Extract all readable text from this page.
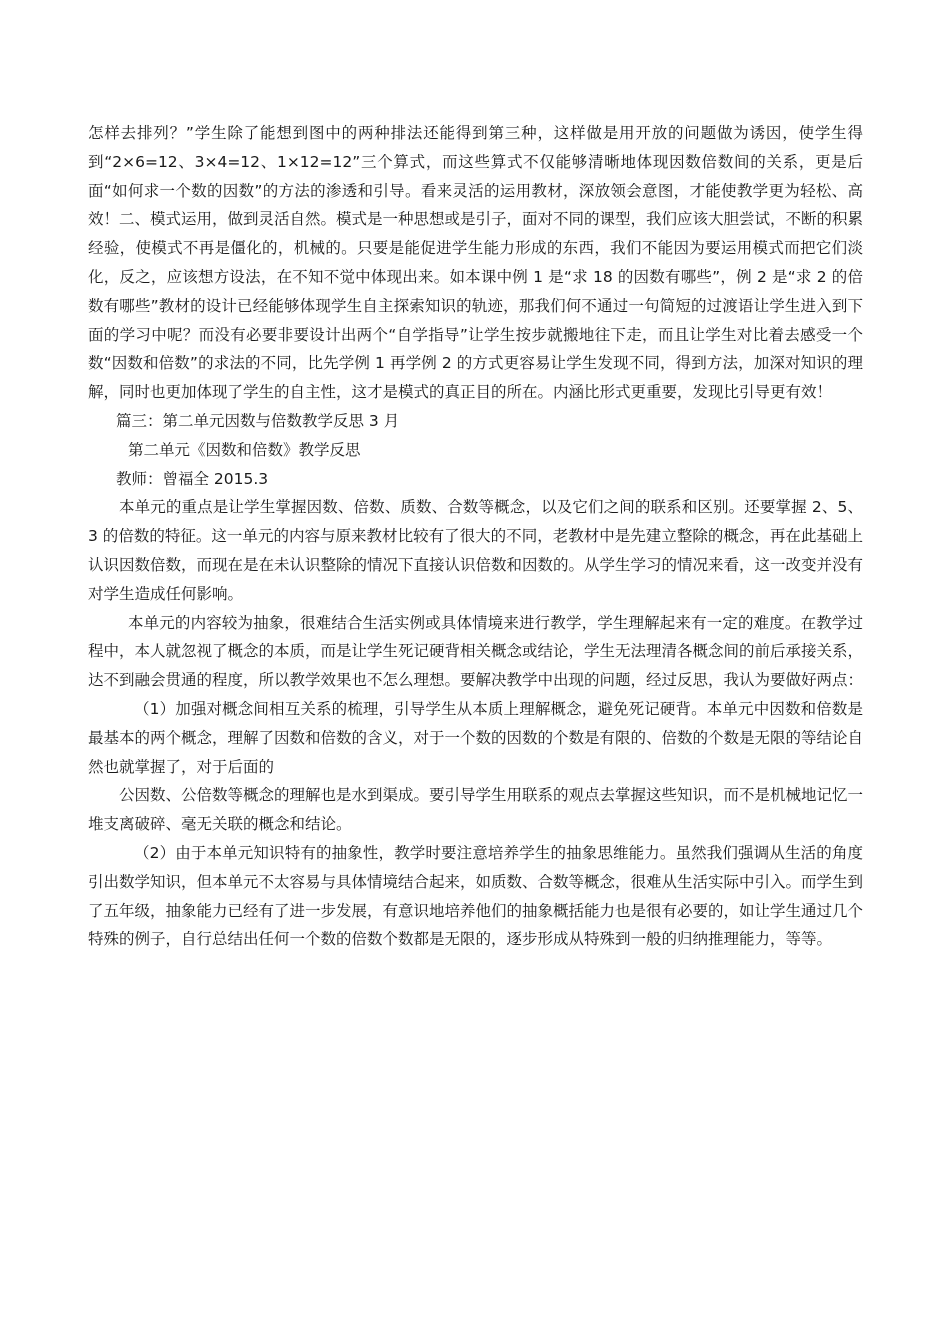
怎样去排列？”学生除了能想到图中的两种排法还能得到第三种，这样做是用开放的问题做为诱因，使学生得到“2×6=12、3×4=12、1×12=12”三个算式，而这些算式不仅能够清晰地体现因数倍数间的关系，更是后面“如何求一个数的因数”的方法的渗透和引导。看来灵活的运用教材，深放领会意图，才能使教学更为轻松、高效！二、模式运用，做到灵活自然。模式是一种思想或是引子，面对不同的课型，我们应该大胆尝试，不断的积累经验，使模式不再是僵化的，机械的。只要是能促进学生能力形成的东西，我们不能因为要运用模式而把它们淡化，反之，应该想方设法，在不知不觉中体现出来。如本课中例 1 是“求 18 的因数有哪些”，例 2 是“求 2 的倍数有哪些”教材的设计已经能够体现学生自主探索知识的轨迹，那我们何不通过一句简短的过渡语让学生进入到下面的学习中呢？而没有必要非要设计出两个“自学指导”让学生按步就搬地往下走，而且让学生对比着去感受一个数“因数和倍数”的求法的不同，比先学例 1 再学例 2 的方式更容易让学生发现不同，得到方法，加深对知识的理解，同时也更加体现了学生的自主性，这才是模式的真正目的所在。内涵比形式更重要，发现比引导更有效！

篇三：第二单元因数与倍数教学反思 3 月

第二单元《因数和倍数》教学反思

教师：曾福全 2015.3

本单元的重点是让学生掌握因数、倍数、质数、合数等概念，以及它们之间的联系和区别。还要掌握 2、5、3 的倍数的特征。这一单元的内容与原来教材比较有了很大的不同，老教材中是先建立整除的概念，再在此基础上认识因数倍数，而现在是在未认识整除的情况下直接认识倍数和因数的。从学生学习的情况来看，这一改变并没有对学生造成任何影响。

本单元的内容较为抽象，很难结合生活实例或具体情境来进行教学，学生理解起来有一定的难度。在教学过程中，本人就忽视了概念的本质，而是让学生死记硬背相关概念或结论，学生无法理清各概念间的前后承接关系，达不到融会贯通的程度，所以教学效果也不怎么理想。要解决教学中出现的问题，经过反思，我认为要做好两点：

（1）加强对概念间相互关系的梳理，引导学生从本质上理解概念，避免死记硬背。本单元中因数和倍数是最基本的两个概念，理解了因数和倍数的含义，对于一个数的因数的个数是有限的、倍数的个数是无限的等结论自然也就掌握了，对于后面的

公因数、公倍数等概念的理解也是水到渠成。要引导学生用联系的观点去掌握这些知识，而不是机械地记忆一堆支离破碎、毫无关联的概念和结论。

（2）由于本单元知识特有的抽象性，教学时要注意培养学生的抽象思维能力。虽然我们强调从生活的角度引出数学知识，但本单元不太容易与具体情境结合起来，如质数、合数等概念，很难从生活实际中引入。而学生到了五年级，抽象能力已经有了进一步发展，有意识地培养他们的抽象概括能力也是很有必要的，如让学生通过几个特殊的例子，自行总结出任何一个数的倍数个数都是无限的，逐步形成从特殊到一般的归纳推理能力，等等。
